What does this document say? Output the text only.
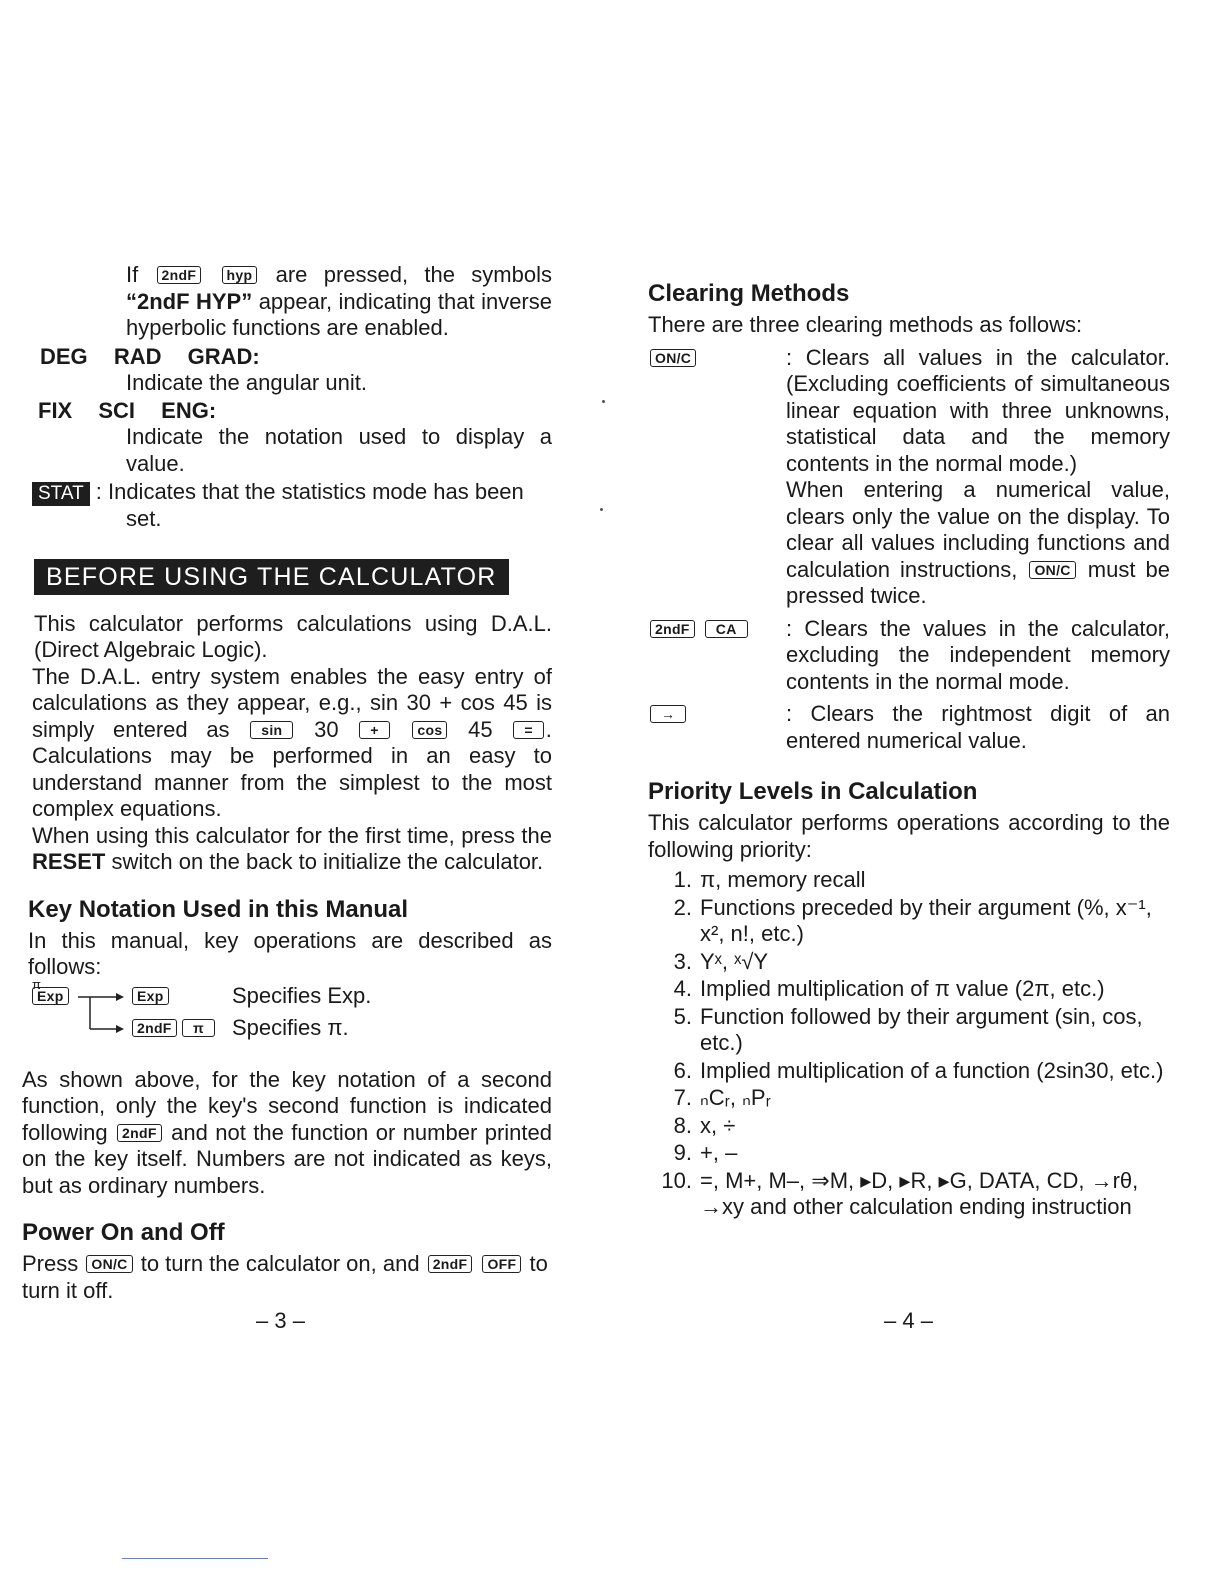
If 2ndF hyp are pressed, the symbols “2ndF HYP” appear, indicating that inverse hyperbolic functions are enabled.

DEG RAD GRAD:

Indicate the angular unit.

FIX SCI ENG:

Indicate the notation used to display a value.

STAT : Indicates that the statistics mode has been

set.

BEFORE USING THE CALCULATOR

This calculator performs calculations using D.A.L. (Direct Algebraic Logic).

The D.A.L. entry system enables the easy entry of calculations as they appear, e.g., sin 30 + cos 45 is simply entered as sin 30 +	cos 45 = . Calculations may be performed in an easy to understand manner from the simplest to the most complex equations.

When using this calculator for the first time, press the RESET switch on the back to initialize the calculator.

Key Notation Used in this Manual

In this manual, key operations are described as follows:

π
Exp	Exp	Specifies Exp.
2ndF	π	Specifies π.

As shown above, for the key notation of a second function, only the key's second function is indicated following 2ndF and not the function or number printed on the key itself. Numbers are not indicated as keys, but as ordinary numbers.

Power On and Off

Press ON/C to turn the calculator on, and 2ndF OFF to turn it off.

Clearing Methods

There are three clearing methods as follows:

ON/C	: Clears all values in the calculator. (Excluding coefficients of simultaneous linear equation with three unknowns, statistical data and the memory contents in the normal mode.)

When entering a numerical value, clears only the value on the display. To clear all values including functions and calculation instructions, ON/C must be pressed twice.

2ndF CA	: Clears the values in the calculator, excluding the independent memory contents in the normal mode.

→	: Clears the rightmost digit of an entered numerical value.

Priority Levels in Calculation

This calculator performs operations according to the following priority:

1. π, memory recall
2. Functions preceded by their argument (%, x⁻¹, x², n!, etc.)
3. Yˣ, ˣ√Y
4. Implied multiplication of π value (2π, etc.)
5. Function followed by their argument (sin, cos, etc.)
6. Implied multiplication of a function (2sin30, etc.)
7. ₙCᵣ, ₙPᵣ
8. x, ÷
9. +, –
10. =, M+, M–, ⇒M, ▸D, ▸R, ▸G, DATA, CD, →rθ, →xy and other calculation ending instruction
– 3 –	– 4 –
